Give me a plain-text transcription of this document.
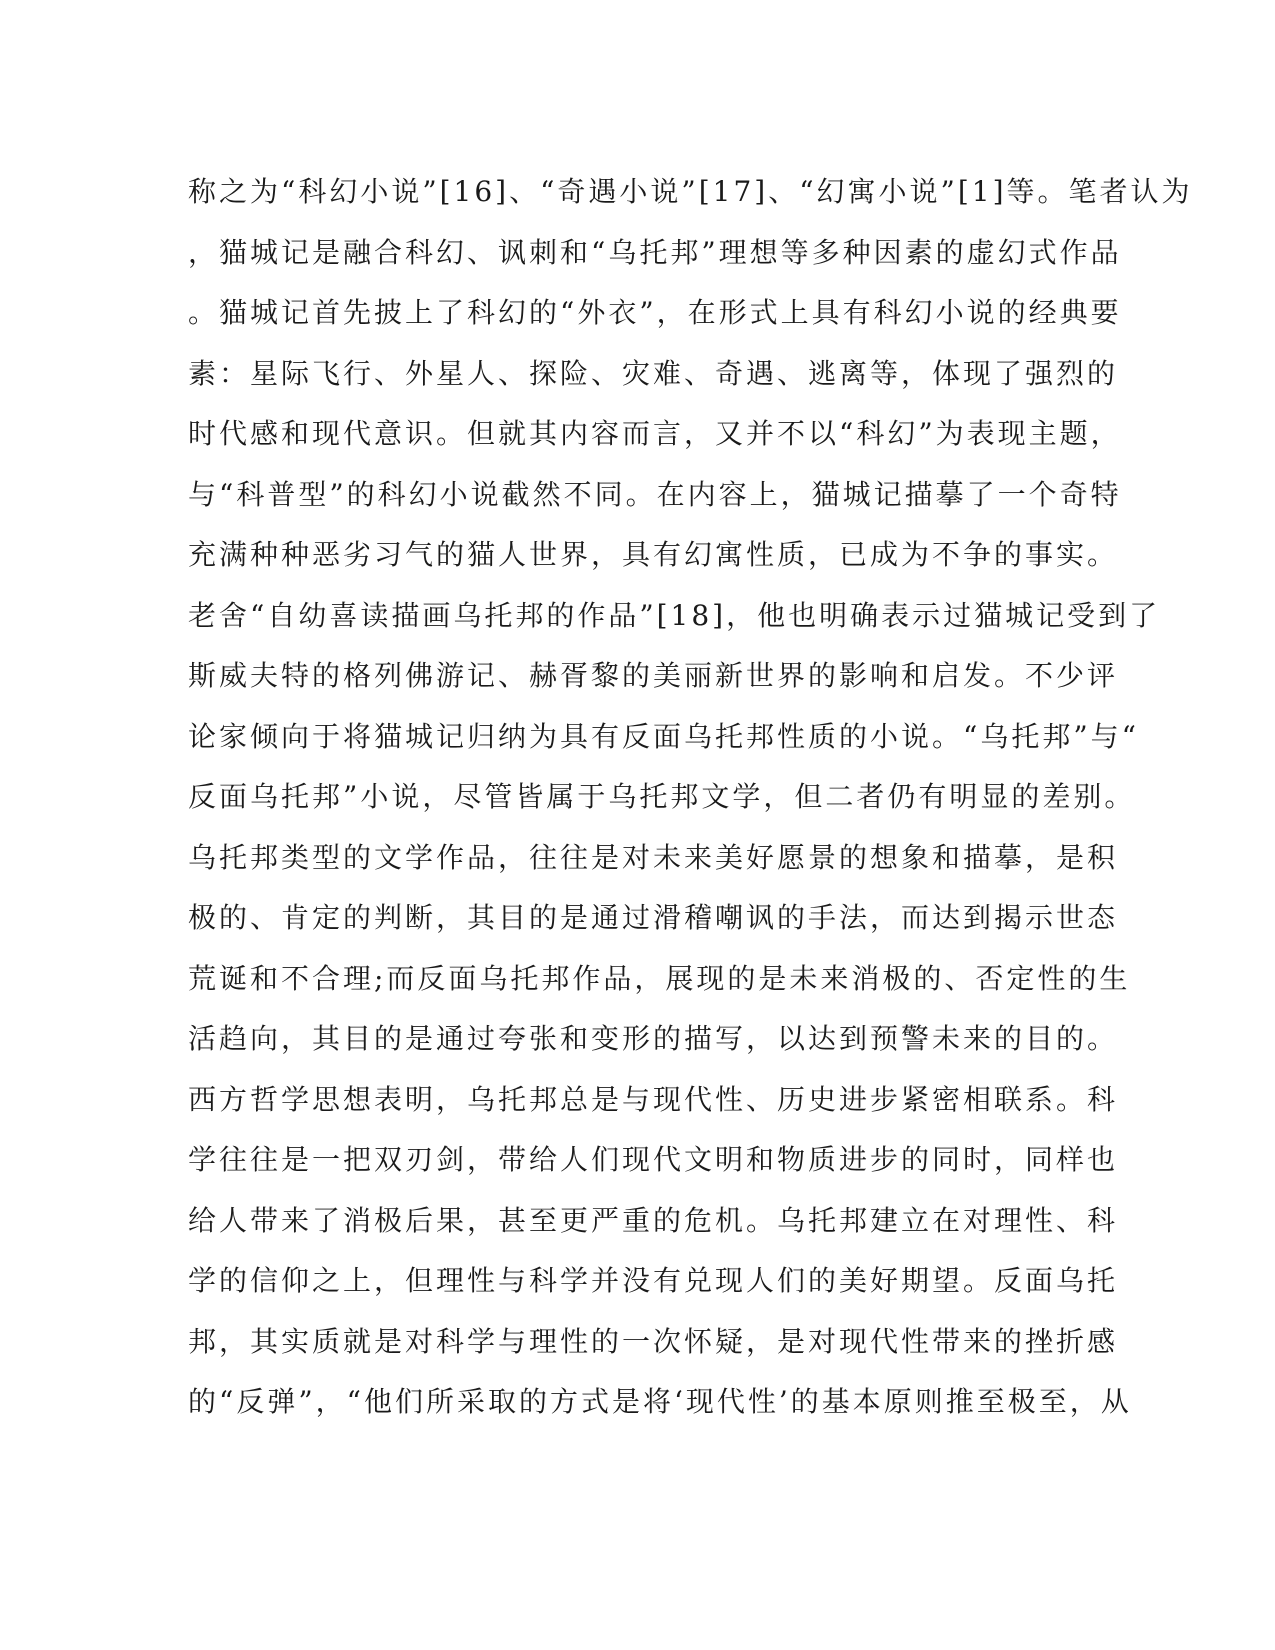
称之为“科幻小说”[16]、“奇遇小说”[17]、“幻寓小说”[1]等。笔者认为
，猫城记是融合科幻、讽刺和“乌托邦”理想等多种因素的虚幻式作品
。猫城记首先披上了科幻的“外衣”，在形式上具有科幻小说的经典要
素：星际飞行、外星人、探险、灾难、奇遇、逃离等，体现了强烈的
时代感和现代意识。但就其内容而言，又并不以“科幻”为表现主题，
与“科普型”的科幻小说截然不同。在内容上，猫城记描摹了一个奇特
充满种种恶劣习气的猫人世界，具有幻寓性质，已成为不争的事实。
老舍“自幼喜读描画乌托邦的作品”[18]，他也明确表示过猫城记受到了
斯威夫特的格列佛游记、赫胥黎的美丽新世界的影响和启发。不少评
论家倾向于将猫城记归纳为具有反面乌托邦性质的小说。“乌托邦”与“
反面乌托邦”小说，尽管皆属于乌托邦文学，但二者仍有明显的差别。
乌托邦类型的文学作品，往往是对未来美好愿景的想象和描摹，是积
极的、肯定的判断，其目的是通过滑稽嘲讽的手法，而达到揭示世态
荒诞和不合理;而反面乌托邦作品，展现的是未来消极的、否定性的生
活趋向，其目的是通过夸张和变形的描写，以达到预警未来的目的。
西方哲学思想表明，乌托邦总是与现代性、历史进步紧密相联系。科
学往往是一把双刃剑，带给人们现代文明和物质进步的同时，同样也
给人带来了消极后果，甚至更严重的危机。乌托邦建立在对理性、科
学的信仰之上，但理性与科学并没有兑现人们的美好期望。反面乌托
邦，其实质就是对科学与理性的一次怀疑，是对现代性带来的挫折感
的“反弹”，“他们所采取的方式是将‘现代性’的基本原则推至极至，从
